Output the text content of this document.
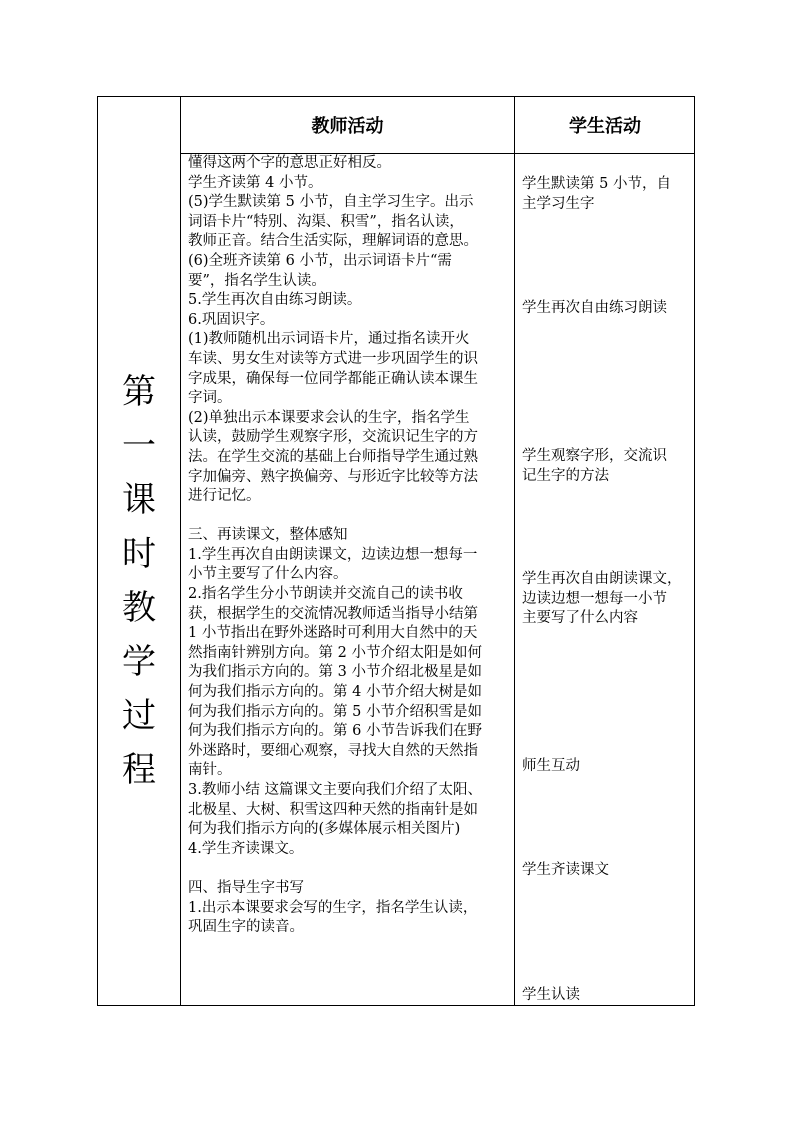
第
一
课
时
教
学
过
程
教师活动	学生活动

懂得这两个字的意思正好相反。

学生齐读第 4 小节。

(5)学生默读第 5 小节，自主学习生字。出示

词语卡片“特别、沟渠、积雪”，指名认读，

教师正音。结合生活实际，理解词语的意思。

(6)全班齐读第 6 小节，出示词语卡片“需

要”，指名学生认读。

5.学生再次自由练习朗读。

6.巩固识字。

(1)教师随机出示词语卡片，通过指名读开火

车读、男女生对读等方式进一步巩固学生的识

字成果，确保每一位同学都能正确认读本课生

字词。

(2)单独出示本课要求会认的生字，指名学生

认读，鼓励学生观察字形，交流识记生字的方

法。在学生交流的基础上台师指导学生通过熟

字加偏旁、熟字换偏旁、与形近字比较等方法

进行记忆。

三、再读课文，整体感知

1.学生再次自由朗读课文，边读边想一想每一

小节主要写了什么内容。

2.指名学生分小节朗读并交流自己的读书收

获，根据学生的交流情况教师适当指导小结第

1 小节指出在野外迷路时可利用大自然中的天

然指南针辨别方向。第 2 小节介绍太阳是如何

为我们指示方向的。第 3 小节介绍北极星是如

何为我们指示方向的。第 4 小节介绍大树是如

何为我们指示方向的。第 5 小节介绍积雪是如

何为我们指示方向的。第 6 小节告诉我们在野

外迷路时，要细心观察，寻找大自然的天然指

南针。

3.教师小结 这篇课文主要向我们介绍了太阳、

北极星、大树、积雪这四种天然的指南针是如

何为我们指示方向的(多媒体展示相关图片)

4.学生齐读课文。

四、指导生字书写

1.出示本课要求会写的生字，指名学生认读，

巩固生字的读音。

学生默读第 5 小节，自
主学习生字
学生再次自由练习朗读
学生观察字形，交流识
记生字的方法
学生再次自由朗读课文，
边读边想一想每一小节
主要写了什么内容
师生互动
学生齐读课文
学生认读
